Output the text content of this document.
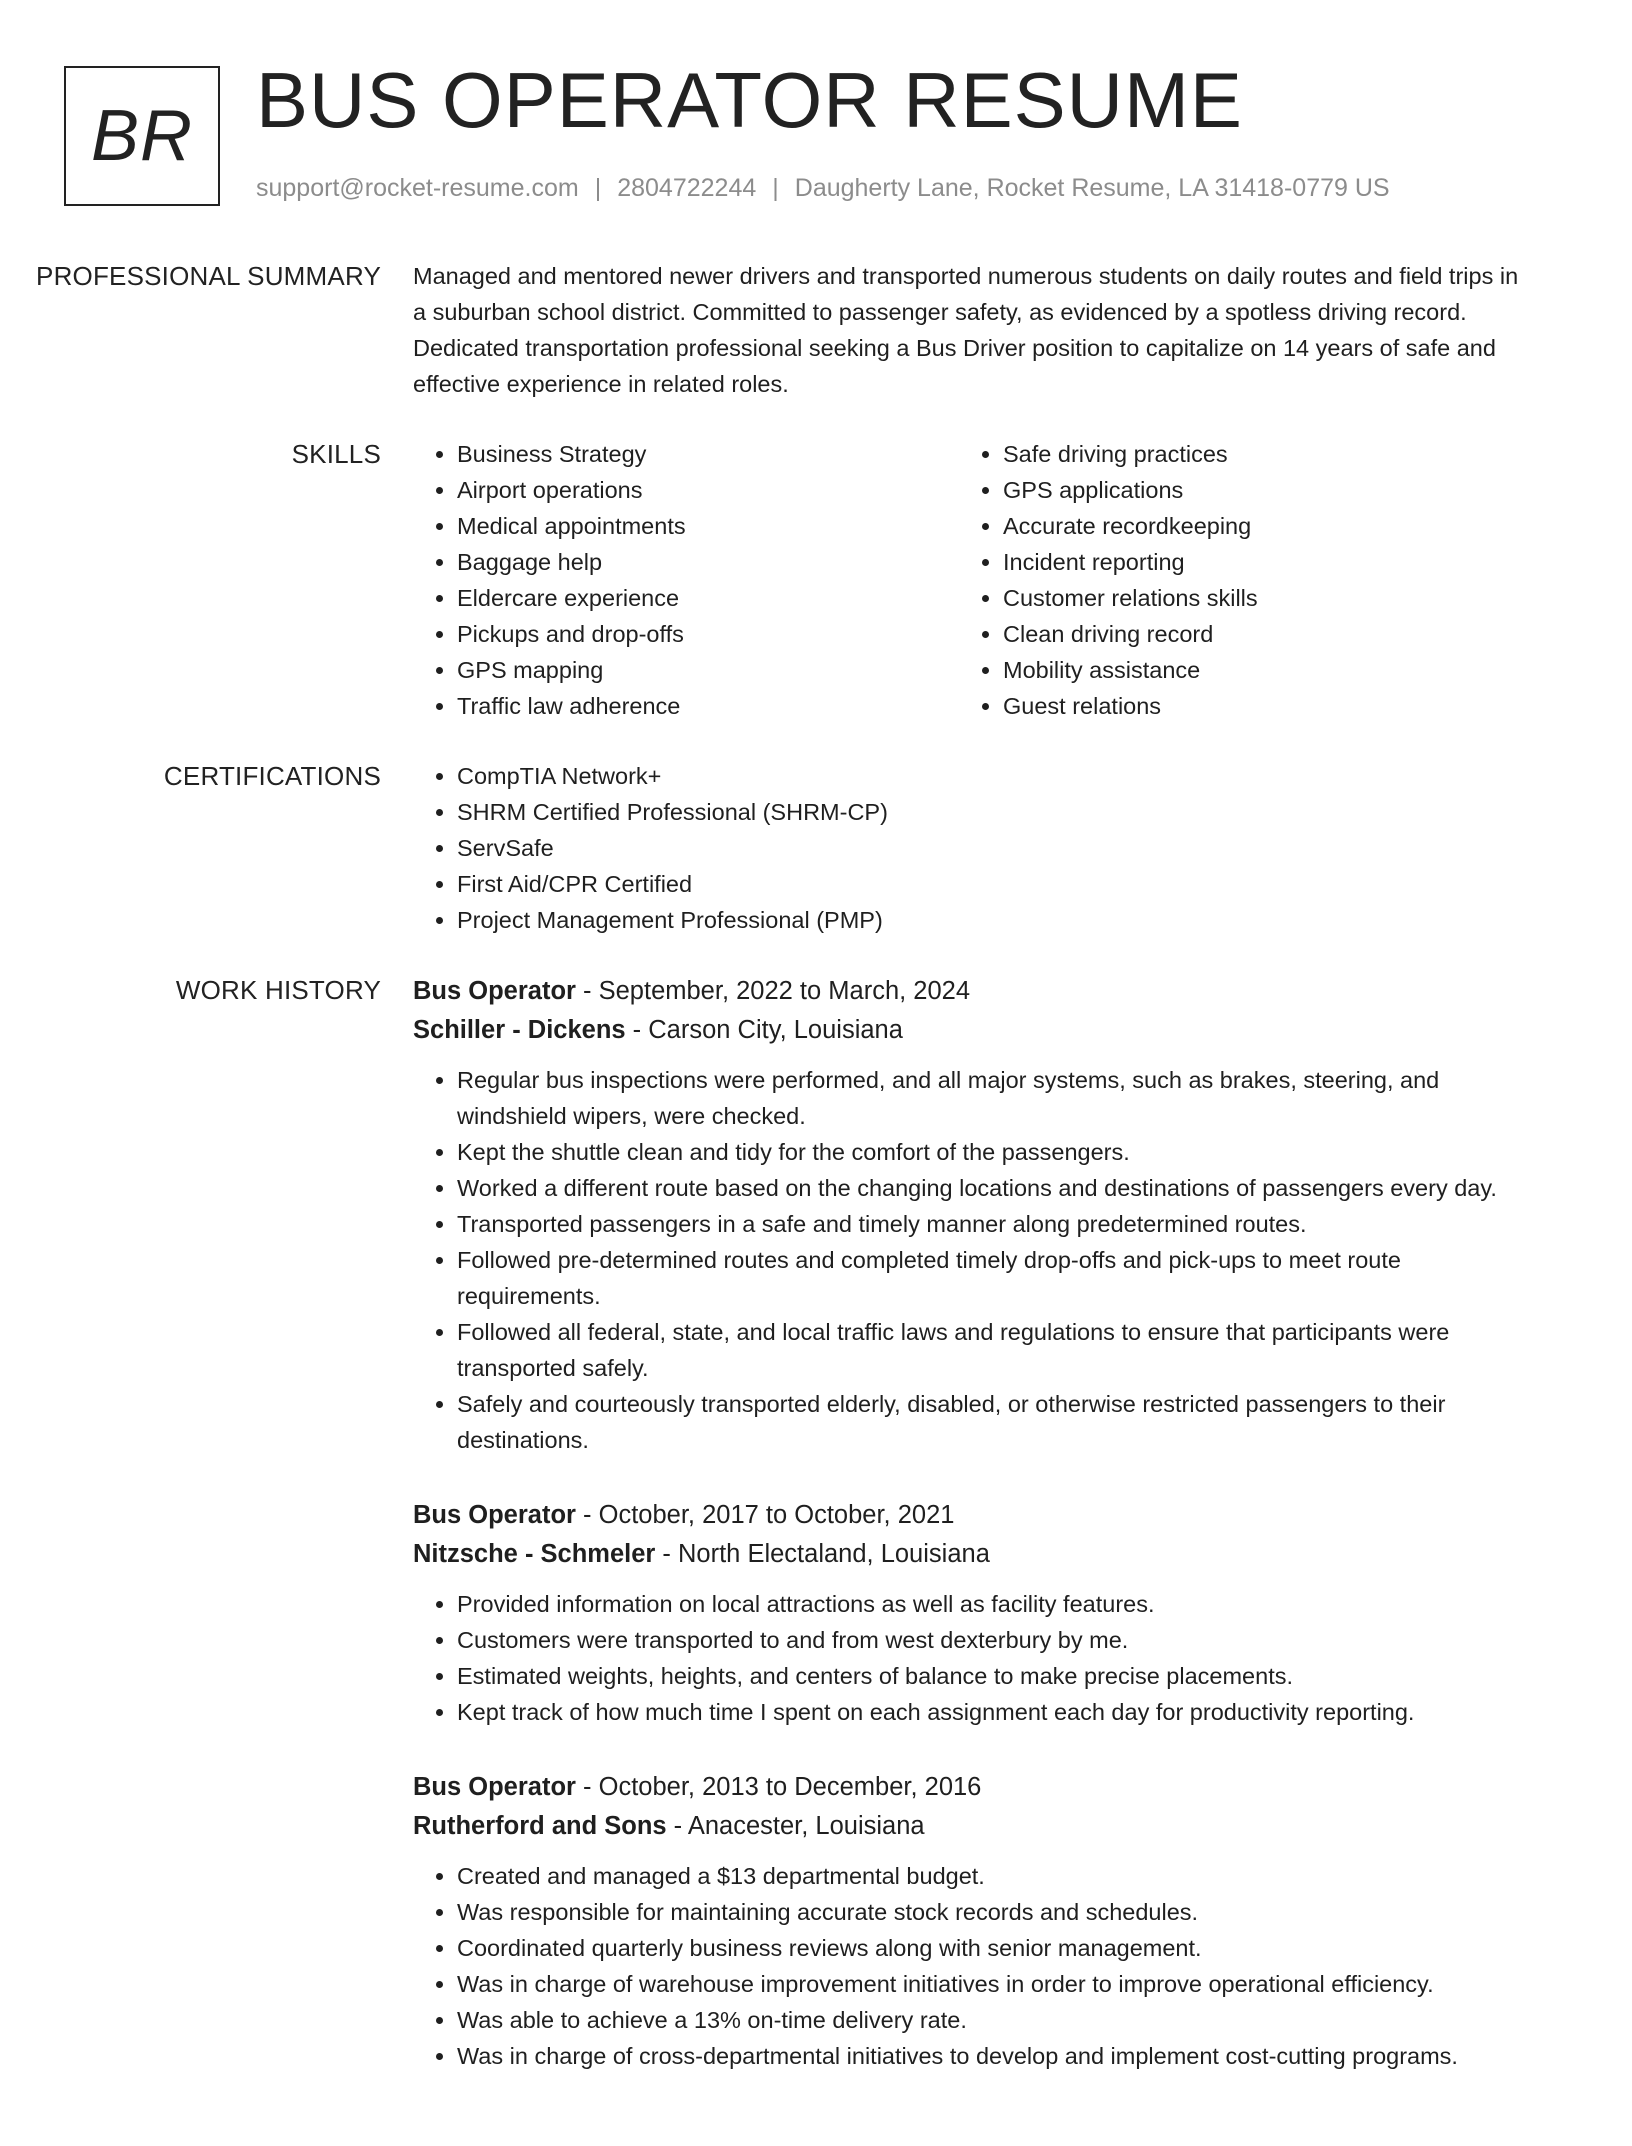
BR BUS OPERATOR RESUME
support@rocket-resume.com | 2804722244 | Daugherty Lane, Rocket Resume, LA 31418-0779 US
PROFESSIONAL SUMMARY	Managed and mentored newer drivers and transported numerous students on daily routes and field trips in a suburban school district. Committed to passenger safety, as evidenced by a spotless driving record. Dedicated transportation professional seeking a Bus Driver position to capitalize on 14 years of safe and effective experience in related roles.

SKILLS	• Business Strategy
• Airport operations
• Medical appointments
• Baggage help
• Eldercare experience
• Pickups and drop-offs
• GPS mapping
• Traffic law adherence
• Safe driving practices
• GPS applications
• Accurate recordkeeping
• Incident reporting
• Customer relations skills
• Clean driving record
• Mobility assistance
• Guest relations
CERTIFICATIONS	• CompTIA Network+
• SHRM Certified Professional (SHRM-CP)
• ServSafe
• First Aid/CPR Certified
• Project Management Professional (PMP)
WORK HISTORY	Bus Operator - September, 2022 to March, 2024
Schiller - Dickens - Carson City, Louisiana
• Regular bus inspections were performed, and all major systems, such as brakes, steering, and windshield wipers, were checked.
• Kept the shuttle clean and tidy for the comfort of the passengers.
• Worked a different route based on the changing locations and destinations of passengers every day.
• Transported passengers in a safe and timely manner along predetermined routes.
• Followed pre-determined routes and completed timely drop-offs and pick-ups to meet route requirements.
• Followed all federal, state, and local traffic laws and regulations to ensure that participants were transported safely.
• Safely and courteously transported elderly, disabled, or otherwise restricted passengers to their destinations.
Bus Operator - October, 2017 to October, 2021
Nitzsche - Schmeler - North Electaland, Louisiana
• Provided information on local attractions as well as facility features.
• Customers were transported to and from west dexterbury by me.
• Estimated weights, heights, and centers of balance to make precise placements.
• Kept track of how much time I spent on each assignment each day for productivity reporting.
Bus Operator - October, 2013 to December, 2016
Rutherford and Sons - Anacester, Louisiana
• Created and managed a $13 departmental budget.
• Was responsible for maintaining accurate stock records and schedules.
• Coordinated quarterly business reviews along with senior management.
• Was in charge of warehouse improvement initiatives in order to improve operational efficiency.
• Was able to achieve a 13% on-time delivery rate.
• Was in charge of cross-departmental initiatives to develop and implement cost-cutting programs.
